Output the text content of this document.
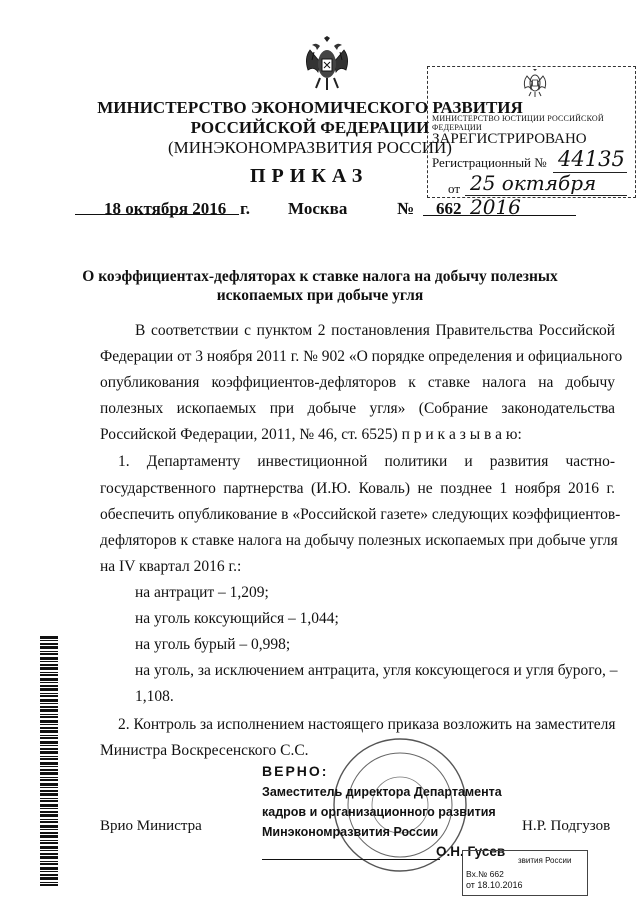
МИНИСТЕРСТВО ЭКОНОМИЧЕСКОГО РАЗВИТИЯ
РОССИЙСКОЙ ФЕДЕРАЦИИ
(МИНЭКОНОМРАЗВИТИЯ РОССИИ)
ПРИКАЗ
МИНИСТЕРСТВО ЮСТИЦИИ РОССИЙСКОЙ ФЕДЕРАЦИИ
ЗАРЕГИСТРИРОВАНО
Регистрационный № 44135
от 25 октября 2016
18 октября 2016 г. Москва	№ 662
О коэффициентах-дефляторах к ставке налога на добычу полезных
ископаемых при добыче угля
В соответствии с пунктом 2 постановления Правительства Российской
Федерации от 3 ноября 2011 г. № 902 «О порядке определения и официального
опубликования коэффициентов-дефляторов к ставке налога на добычу
полезных ископаемых при добыче угля» (Собрание законодательства
Российской Федерации, 2011, № 46, ст. 6525) п р и к а з ы в а ю:
1. Департаменту инвестиционной политики и развития частно-
государственного партнерства (И.Ю. Коваль) не позднее 1 ноября 2016 г.
обеспечить опубликование в «Российской газете» следующих коэффициентов-
дефляторов к ставке налога на добычу полезных ископаемых при добыче угля
на IV квартал 2016 г.:
на антрацит – 1,209;
на уголь коксующийся – 1,044;
на уголь бурый – 0,998;
на уголь, за исключением антрацита, угля коксующегося и угля бурого, –
1,108.
2. Контроль за исполнением настоящего приказа возложить на заместителя
Министра Воскресенского С.С.
ВЕРНО:
Заместитель директора Департамента
кадров и организационного развития
Минэкономразвития России
О.Н. Гусев
Врио Министра	Н.Р. Подгузов
звития России
Вх.№ 662
от 18.10.2016
